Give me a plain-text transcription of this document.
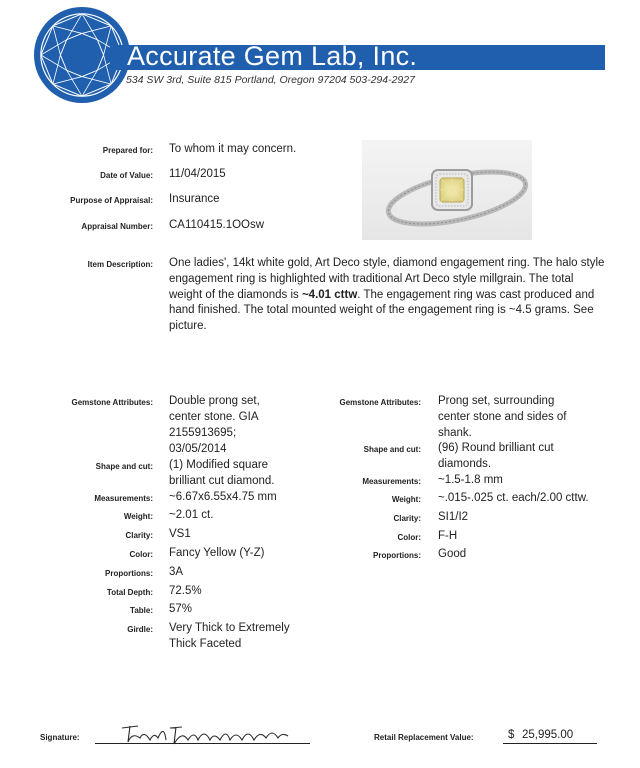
Accurate Gem Lab, Inc.
534 SW 3rd, Suite 815 Portland, Oregon 97204 503-294-2927
Prepared for: To whom it may concern.
Date of Value: 11/04/2015
Purpose of Appraisal: Insurance
Appraisal Number: CA110415.1OOsw
Item Description: One ladies', 14kt white gold, Art Deco style, diamond engagement ring. The halo style engagement ring is highlighted with traditional Art Deco style millgrain. The total weight of the diamonds is ~4.01 cttw. The engagement ring was cast produced and hand finished. The total mounted weight of the engagement ring is ~4.5 grams. See picture.
Gemstone Attributes: Double prong set,
center stone. GIA
2155913695;
03/05/2014
Shape and cut: (1) Modified square
brilliant cut diamond.
Measurements: ~6.67x6.55x4.75 mm
Weight: ~2.01 ct.
Clarity: VS1
Color: Fancy Yellow (Y-Z)
Proportions: 3A
Total Depth: 72.5%
Table: 57%
Girdle: Very Thick to Extremely
Thick Faceted
Gemstone Attributes: Prong set, surrounding
center stone and sides of
shank.
Shape and cut: (96) Round brilliant cut
diamonds.
Measurements: ~1.5-1.8 mm
Weight: ~.015-.025 ct. each/2.00 cttw.
Clarity: SI1/I2
Color: F-H
Proportions: Good
Signature:	Retail Replacement Value:	$ 25,995.00
